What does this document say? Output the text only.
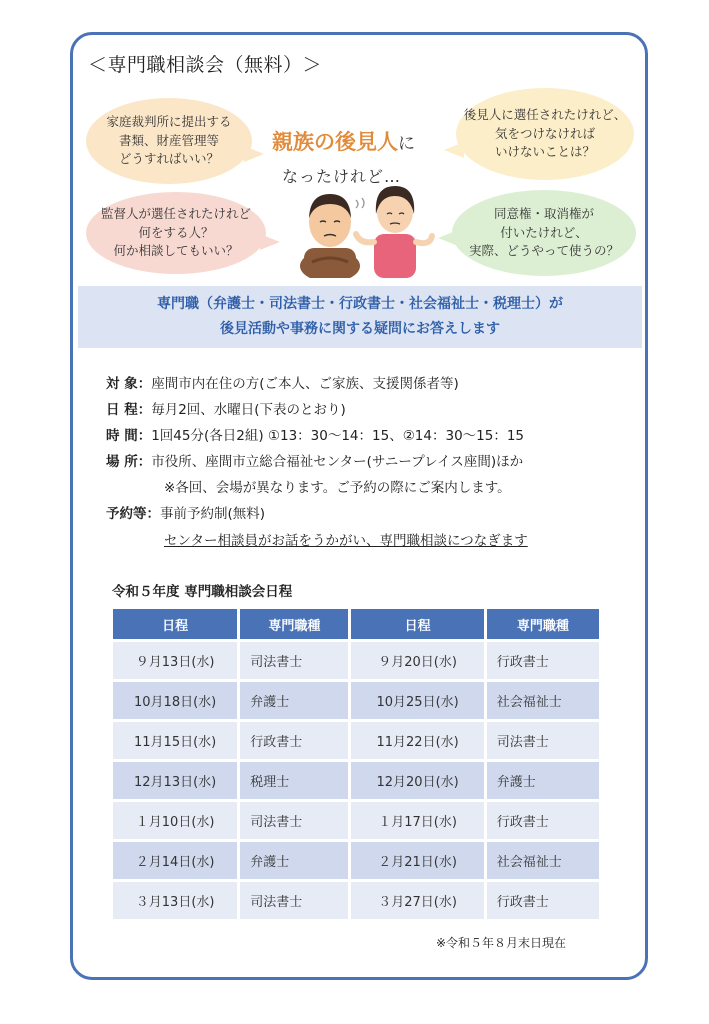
＜専門職相談会（無料）＞
家庭裁判所に提出する
書類、財産管理等
どうすればいい？
後見人に選任されたけれど、
気をつけなければ
いけないことは？
監督人が選任されたけれど
何をする人？
何か相談してもいい？
同意権・取消権が
付いたけれど、
実際、どうやって使うの？
親族の後見人に
なったけれど…
専門職（弁護士・司法書士・行政書士・社会福祉士・税理士）が
後見活動や事務に関する疑問にお答えします
対 象：座間市内在住の方(ご本人、ご家族、支援関係者等)
日 程：毎月2回、水曜日(下表のとおり)
時 間：1回45分(各日2組) ①13：30～14：15、②14：30～15：15
場 所：市役所、座間市立総合福祉センター(サニープレイス座間)ほか
※各回、会場が異なります。ご予約の際にご案内します。
予約等：事前予約制(無料)
センター相談員がお話をうかがい、専門職相談につなぎます
令和５年度 専門職相談会日程
日程	専門職種	日程	専門職種
９月13日(水)	司法書士	９月20日(水)	行政書士
10月18日(水)	弁護士	10月25日(水)	社会福祉士
11月15日(水)	行政書士	11月22日(水)	司法書士
12月13日(水)	税理士	12月20日(水)	弁護士
１月10日(水)	司法書士	１月17日(水)	行政書士
２月14日(水)	弁護士	２月21日(水)	社会福祉士
３月13日(水)	司法書士	３月27日(水)	行政書士
※令和５年８月末日現在
